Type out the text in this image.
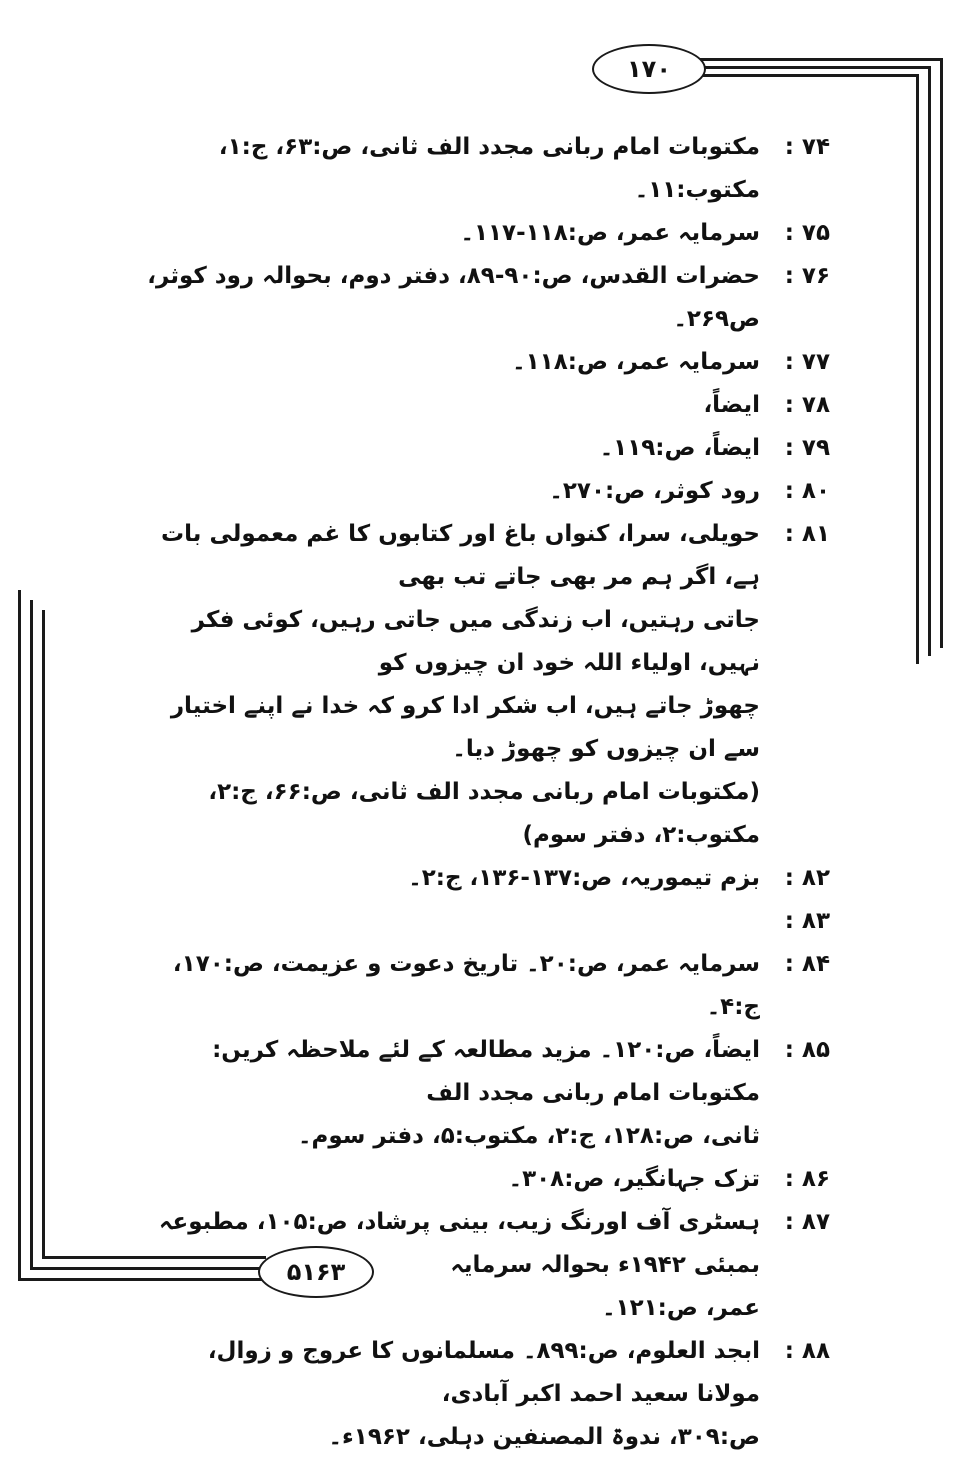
۱۷۰
۵۱۶۳
۷۴ :
مکتوبات امام ربانی مجدد الف ثانی، ص:۶۳، ج:۱، مکتوب:۱۱۔
۷۵ :
سرمایہ عمر، ص:۱۱۸-۱۱۷۔
۷۶ :
حضرات القدس، ص:۹۰-۸۹، دفتر دوم، بحوالہ رود کوثر، ص۲۶۹۔
۷۷ :
سرمایہ عمر، ص:۱۱۸۔
۷۸ :
ایضاً،
۷۹ :
ایضاً، ص:۱۱۹۔
۸۰ :
رود کوثر، ص:۲۷۰۔
۸۱ :
حویلی، سرا، کنواں باغ اور کتابوں کا غم معمولی بات ہے، اگر ہم مر بھی جاتے تب بھی
جاتی رہتیں، اب زندگی میں جاتی رہیں، کوئی فکر نہیں، اولیاء اللہ خود ان چیزوں کو
چھوڑ جاتے ہیں، اب شکر ادا کرو کہ خدا نے اپنے اختیار سے ان چیزوں کو چھوڑ دیا۔
(مکتوبات امام ربانی مجدد الف ثانی، ص:۶۶، ج:۲، مکتوب:۲، دفتر سوم)
۸۲ :
بزم تیموریہ، ص:۱۳۷-۱۳۶، ج:۲۔
۸۳ :
۸۴ :
سرمایہ عمر، ص:۲۰۔ تاریخ دعوت و عزیمت، ص:۱۷۰، ج:۴۔
۸۵ :
ایضاً، ص:۱۲۰۔ مزید مطالعہ کے لئے ملاحظہ کریں: مکتوبات امام ربانی مجدد الف
ثانی، ص:۱۲۸، ج:۲، مکتوب:۵، دفتر سوم۔
۸۶ :
تزک جہانگیر، ص:۳۰۸۔
۸۷ :
ہسٹری آف اورنگ زیب، بینی پرشاد، ص:۱۰۵، مطبوعہ بمبئی ۱۹۴۲ء بحوالہ سرمایہ
عمر، ص:۱۲۱۔
۸۸ :
ابجد العلوم، ص:۸۹۹۔ مسلمانوں کا عروج و زوال، مولانا سعید احمد اکبر آبادی،
ص:۳۰۹، ندوۃ المصنفین دہلی، ۱۹۶۲ء۔
